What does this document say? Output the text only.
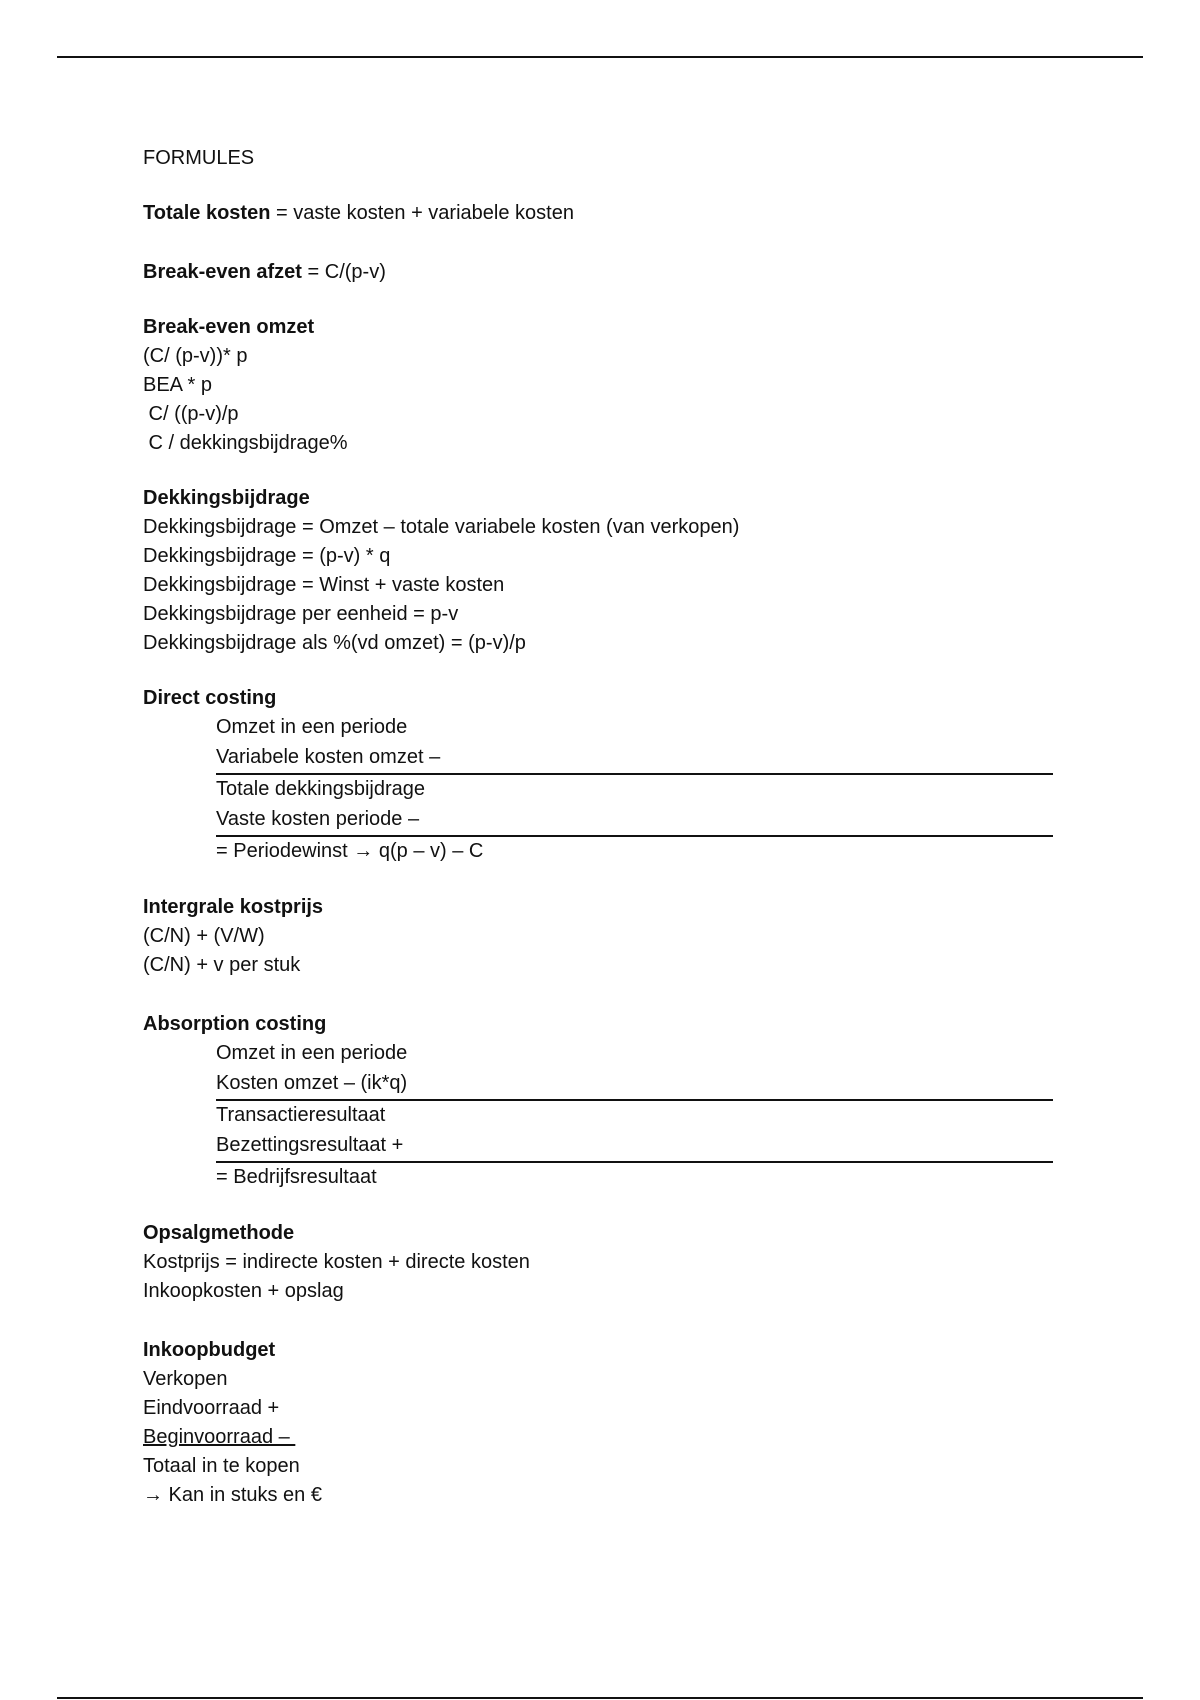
FORMULES
Totale kosten = vaste kosten + variabele kosten
Break-even afzet = C/(p-v)
Break-even omzet
(C/ (p-v))* p
BEA * p
C/ ((p-v)/p
C / dekkingsbijdrage%
Dekkingsbijdrage
Dekkingsbijdrage = Omzet – totale variabele kosten (van verkopen)
Dekkingsbijdrage = (p-v) * q
Dekkingsbijdrage = Winst + vaste kosten
Dekkingsbijdrage per eenheid = p-v
Dekkingsbijdrage als %(vd omzet) = (p-v)/p
Direct costing
Omzet in een periode
Variabele kosten omzet –
Totale dekkingsbijdrage
Vaste kosten periode –
= Periodewinst → q(p – v) – C
Intergrale kostprijs
(C/N) + (V/W)
(C/N) + v per stuk
Absorption costing
Omzet in een periode
Kosten omzet – (ik*q)
Transactieresultaat
Bezettingsresultaat +
= Bedrijfsresultaat
Opsalgmethode
Kostprijs = indirecte kosten + directe kosten
Inkoopkosten + opslag
Inkoopbudget
Verkopen
Eindvoorraad +
Beginvoorraad –
Totaal in te kopen
→ Kan in stuks en €
